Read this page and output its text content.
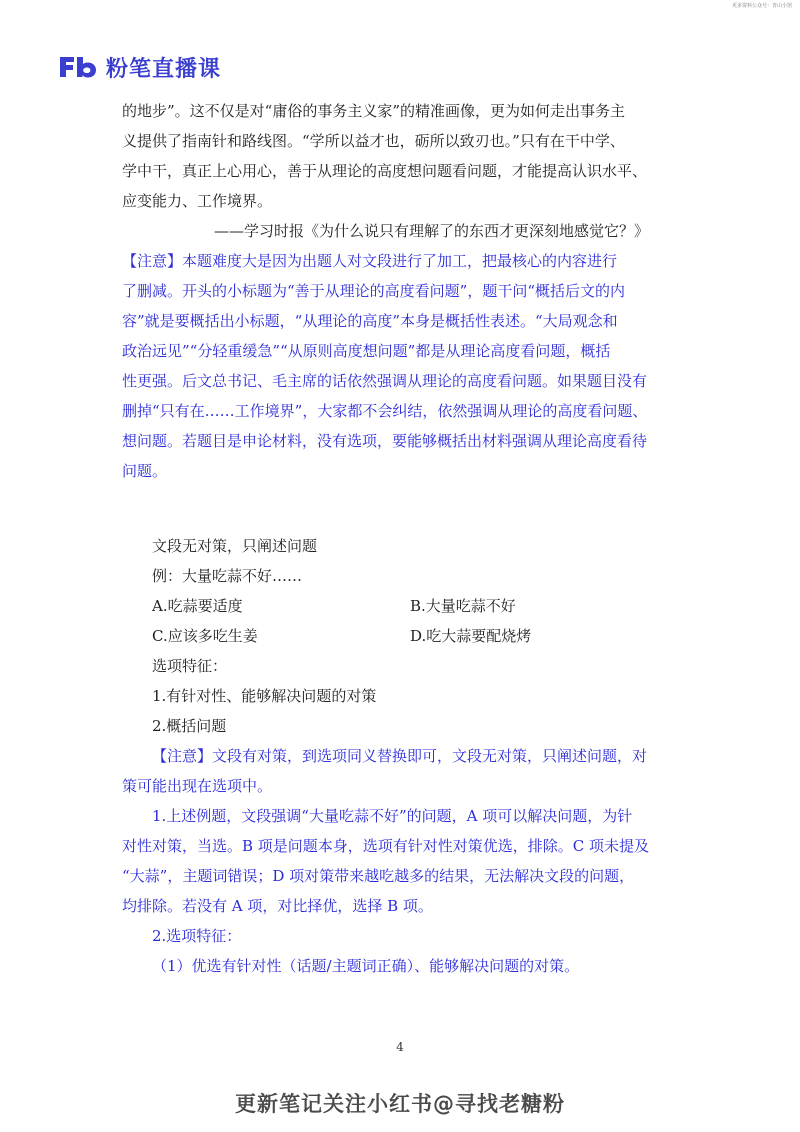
更多资料公众号：青山小馆
粉笔直播课
的地步”。这不仅是对“庸俗的事务主义家”的精准画像，更为如何走出事务主
义提供了指南针和路线图。“学所以益才也，砺所以致刃也。”只有在干中学、
学中干，真正上心用心，善于从理论的高度想问题看问题，才能提高认识水平、
应变能力、工作境界。
——学习时报《为什么说只有理解了的东西才更深刻地感觉它？》
【注意】本题难度大是因为出题人对文段进行了加工，把最核心的内容进行
了删减。开头的小标题为“善于从理论的高度看问题”，题干问“概括后文的内
容”就是要概括出小标题，“从理论的高度”本身是概括性表述。“大局观念和
政治远见”“分轻重缓急”“从原则高度想问题”都是从理论高度看问题，概括
性更强。后文总书记、毛主席的话依然强调从理论的高度看问题。如果题目没有
删掉“只有在……工作境界”，大家都不会纠结，依然强调从理论的高度看问题、
想问题。若题目是申论材料，没有选项，要能够概括出材料强调从理论高度看待
问题。
文段无对策，只阐述问题
例：大量吃蒜不好……
A.吃蒜要适度	B.大量吃蒜不好
C.应该多吃生姜	D.吃大蒜要配烧烤
选项特征：
1.有针对性、能够解决问题的对策
2.概括问题
【注意】文段有对策，到选项同义替换即可，文段无对策，只阐述问题，对
策可能出现在选项中。
1.上述例题，文段强调“大量吃蒜不好”的问题，A 项可以解决问题，为针
对性对策，当选。B 项是问题本身，选项有针对性对策优选，排除。C 项未提及
“大蒜”，主题词错误；D 项对策带来越吃越多的结果，无法解决文段的问题，
均排除。若没有 A 项，对比择优，选择 B 项。
2.选项特征：
（1）优选有针对性（话题/主题词正确）、能够解决问题的对策。
4
更新笔记关注小红书@寻找老糖粉
